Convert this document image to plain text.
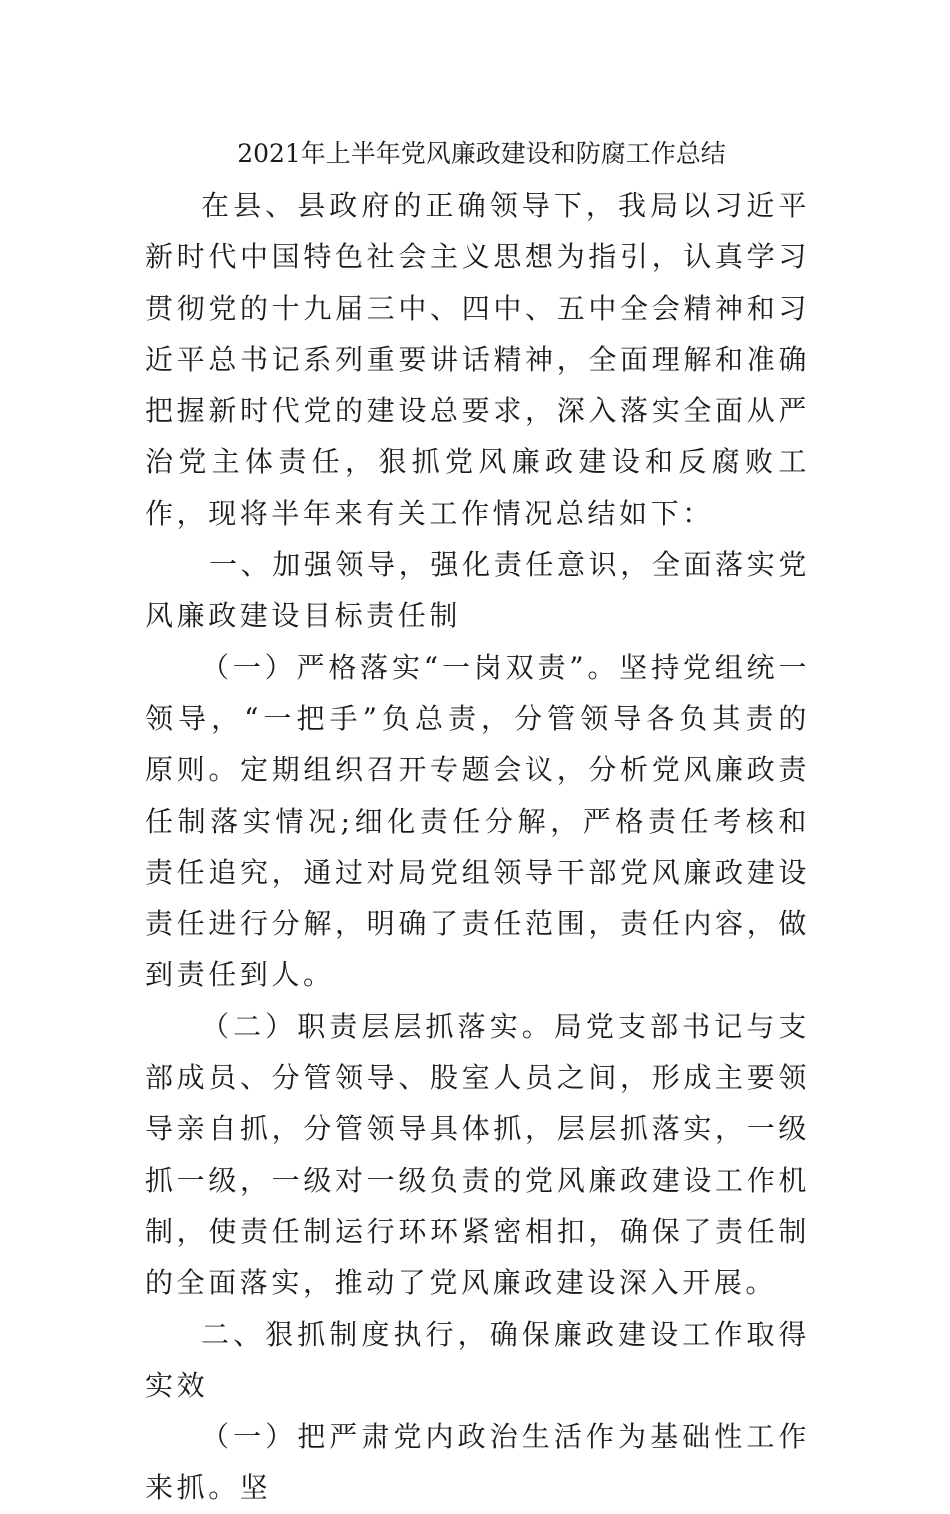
2021年上半年党风廉政建设和防腐工作总结

在县、县政府的正确领导下，我局以习近平新时代中国特色社会主义思想为指引，认真学习贯彻党的十九届三中、四中、五中全会精神和习近平总书记系列重要讲话精神，全面理解和准确把握新时代党的建设总要求，深入落实全面从严治党主体责任，狠抓党风廉政建设和反腐败工作，现将半年来有关工作情况总结如下：

一、加强领导，强化责任意识，全面落实党风廉政建设目标责任制

（一）严格落实“一岗双责”。坚持党组统一领导，“一把手”负总责，分管领导各负其责的原则。定期组织召开专题会议，分析党风廉政责任制落实情况;细化责任分解，严格责任考核和责任追究，通过对局党组领导干部党风廉政建设责任进行分解，明确了责任范围，责任内容，做到责任到人。

（二）职责层层抓落实。局党支部书记与支部成员、分管领导、股室人员之间，形成主要领导亲自抓，分管领导具体抓，层层抓落实，一级抓一级，一级对一级负责的党风廉政建设工作机制，使责任制运行环环紧密相扣，确保了责任制的全面落实，推动了党风廉政建设深入开展。

二、狠抓制度执行，确保廉政建设工作取得实效

（一）把严肃党内政治生活作为基础性工作来抓。坚
